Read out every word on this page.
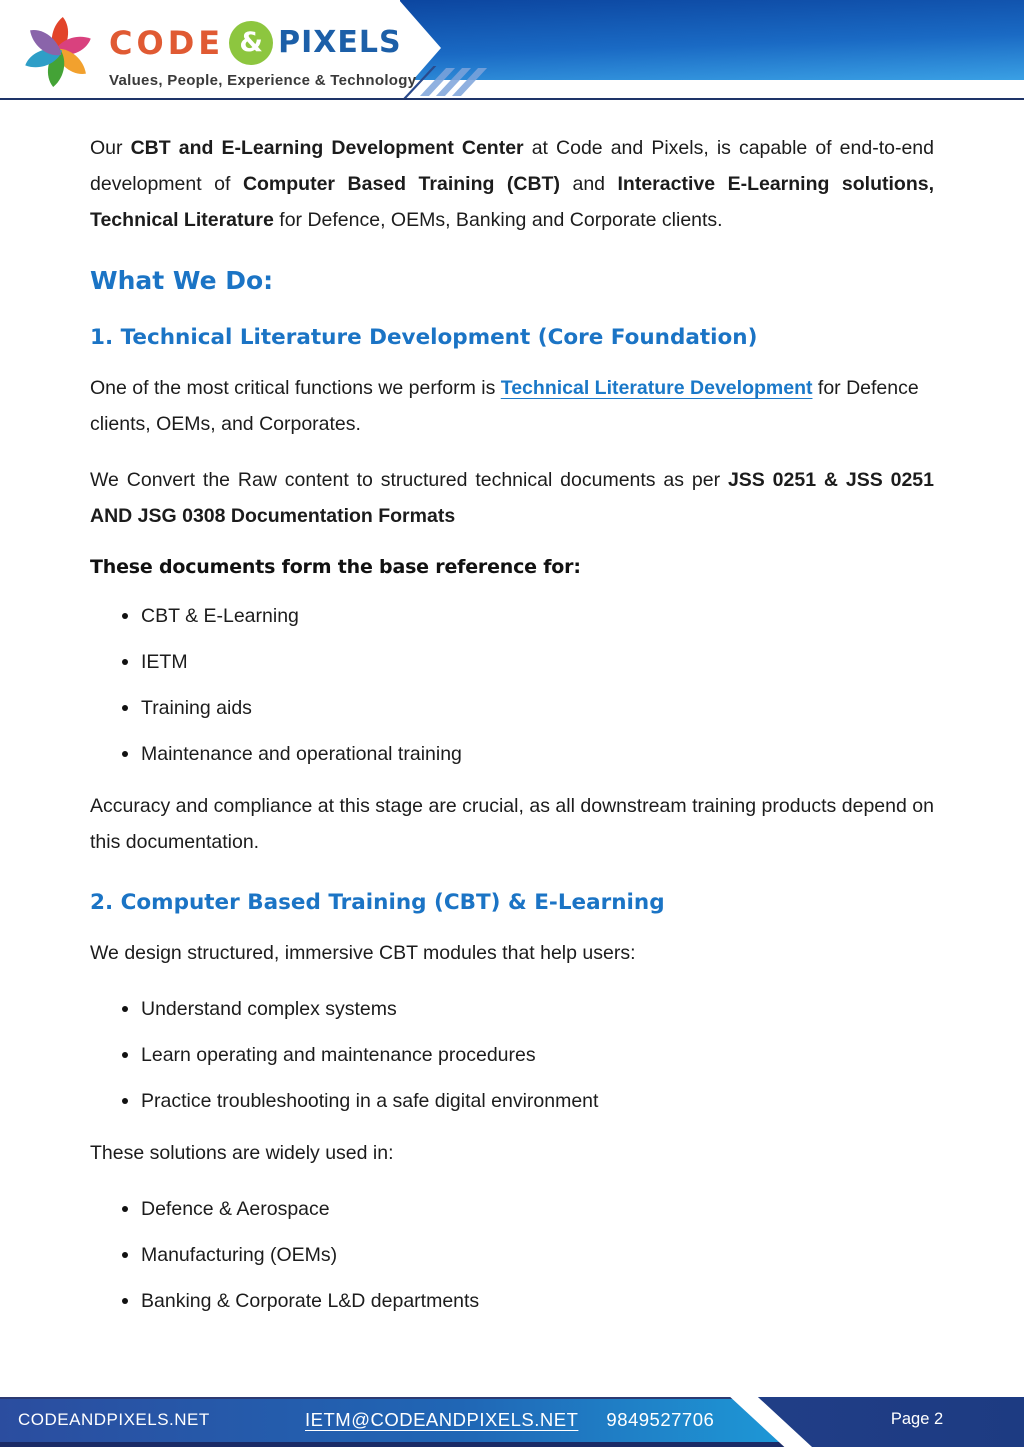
CODE & PIXELS
Values, People, Experience & Technology

Our CBT and E-Learning Development Center at Code and Pixels, is capable of end-to-end development of Computer Based Training (CBT) and Interactive E-Learning solutions, Technical Literature for Defence, OEMs, Banking and Corporate clients.

What We Do:
1. Technical Literature Development (Core Foundation)

One of the most critical functions we perform is Technical Literature Development for Defence clients, OEMs, and Corporates.

We Convert the Raw content to structured technical documents as per JSS 0251 & JSS 0251 AND JSG 0308 Documentation Formats

These documents form the base reference for:
CBT & E-Learning
IETM
Training aids
Maintenance and operational training

Accuracy and compliance at this stage are crucial, as all downstream training products depend on this documentation.

2. Computer Based Training (CBT) & E-Learning

We design structured, immersive CBT modules that help users:

Understand complex systems
Learn operating and maintenance procedures
Practice troubleshooting in a safe digital environment

These solutions are widely used in:

Defence & Aerospace
Manufacturing (OEMs)
Banking & Corporate L&D departments
CODEANDPIXELS.NET	IETM@CODEANDPIXELS.NET 9849527706	Page 2
